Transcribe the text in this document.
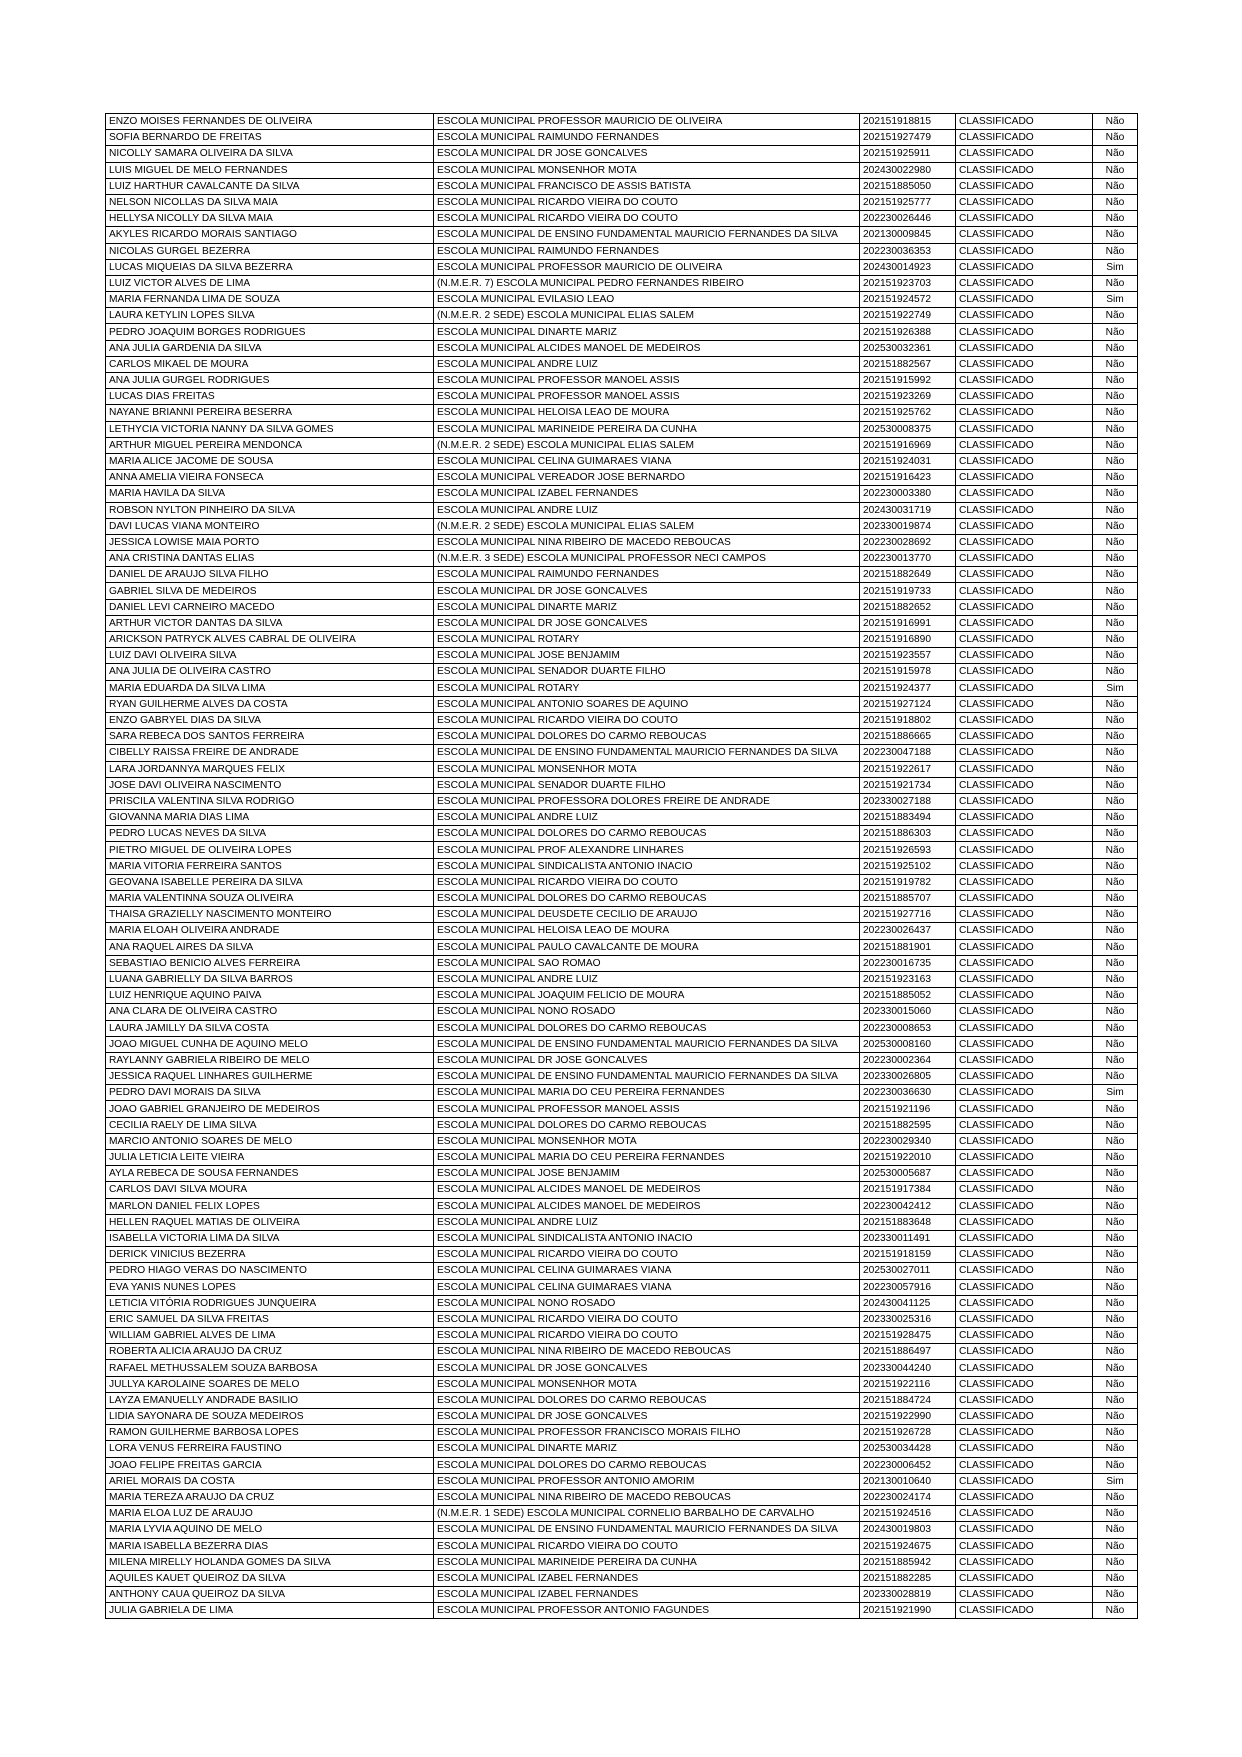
ENZO MOISES FERNANDES DE OLIVEIRA	ESCOLA MUNICIPAL PROFESSOR MAURICIO DE OLIVEIRA	202151918815	CLASSIFICADO	Não
SOFIA BERNARDO DE FREITAS	ESCOLA MUNICIPAL RAIMUNDO FERNANDES	202151927479	CLASSIFICADO	Não
NICOLLY SAMARA OLIVEIRA DA SILVA	ESCOLA MUNICIPAL DR JOSE GONCALVES	202151925911	CLASSIFICADO	Não
LUIS MIGUEL DE MELO FERNANDES	ESCOLA MUNICIPAL MONSENHOR MOTA	202430022980	CLASSIFICADO	Não
LUIZ HARTHUR CAVALCANTE DA SILVA	ESCOLA MUNICIPAL FRANCISCO DE ASSIS BATISTA	202151885050	CLASSIFICADO	Não
NELSON NICOLLAS DA SILVA MAIA	ESCOLA MUNICIPAL RICARDO VIEIRA DO COUTO	202151925777	CLASSIFICADO	Não
HELLYSA NICOLLY DA SILVA MAIA	ESCOLA MUNICIPAL RICARDO VIEIRA DO COUTO	202230026446	CLASSIFICADO	Não
AKYLES RICARDO MORAIS SANTIAGO	ESCOLA MUNICIPAL DE ENSINO FUNDAMENTAL MAURICIO FERNANDES DA SILVA	202130009845	CLASSIFICADO	Não
NICOLAS GURGEL BEZERRA	ESCOLA MUNICIPAL RAIMUNDO FERNANDES	202230036353	CLASSIFICADO	Não
LUCAS MIQUEIAS DA SILVA BEZERRA	ESCOLA MUNICIPAL PROFESSOR MAURICIO DE OLIVEIRA	202430014923	CLASSIFICADO	Sim
LUIZ VICTOR ALVES DE LIMA	(N.M.E.R. 7) ESCOLA MUNICIPAL PEDRO FERNANDES RIBEIRO	202151923703	CLASSIFICADO	Não
MARIA FERNANDA LIMA DE SOUZA	ESCOLA MUNICIPAL EVILASIO LEAO	202151924572	CLASSIFICADO	Sim
LAURA KETYLIN LOPES SILVA	(N.M.E.R. 2 SEDE) ESCOLA MUNICIPAL ELIAS SALEM	202151922749	CLASSIFICADO	Não
PEDRO JOAQUIM BORGES RODRIGUES	ESCOLA MUNICIPAL DINARTE MARIZ	202151926388	CLASSIFICADO	Não
ANA JULIA GARDENIA DA SILVA	ESCOLA MUNICIPAL ALCIDES MANOEL DE MEDEIROS	202530032361	CLASSIFICADO	Não
CARLOS MIKAEL DE MOURA	ESCOLA MUNICIPAL ANDRE LUIZ	202151882567	CLASSIFICADO	Não
ANA JULIA GURGEL RODRIGUES	ESCOLA MUNICIPAL PROFESSOR MANOEL ASSIS	202151915992	CLASSIFICADO	Não
LUCAS DIAS FREITAS	ESCOLA MUNICIPAL PROFESSOR MANOEL ASSIS	202151923269	CLASSIFICADO	Não
NAYANE BRIANNI PEREIRA BESERRA	ESCOLA MUNICIPAL HELOISA LEAO DE MOURA	202151925762	CLASSIFICADO	Não
LETHYCIA VICTORIA NANNY DA SILVA GOMES	ESCOLA MUNICIPAL MARINEIDE PEREIRA DA CUNHA	202530008375	CLASSIFICADO	Não
ARTHUR MIGUEL PEREIRA MENDONCA	(N.M.E.R. 2 SEDE) ESCOLA MUNICIPAL ELIAS SALEM	202151916969	CLASSIFICADO	Não
MARIA ALICE JACOME DE SOUSA	ESCOLA MUNICIPAL CELINA GUIMARAES VIANA	202151924031	CLASSIFICADO	Não
ANNA AMELIA VIEIRA FONSECA	ESCOLA MUNICIPAL VEREADOR JOSE BERNARDO	202151916423	CLASSIFICADO	Não
MARIA HAVILA DA SILVA	ESCOLA MUNICIPAL IZABEL FERNANDES	202230003380	CLASSIFICADO	Não
ROBSON NYLTON PINHEIRO DA SILVA	ESCOLA MUNICIPAL ANDRE LUIZ	202430031719	CLASSIFICADO	Não
DAVI LUCAS VIANA MONTEIRO	(N.M.E.R. 2 SEDE) ESCOLA MUNICIPAL ELIAS SALEM	202330019874	CLASSIFICADO	Não
JESSICA LOWISE MAIA PORTO	ESCOLA MUNICIPAL NINA RIBEIRO DE MACEDO REBOUCAS	202230028692	CLASSIFICADO	Não
ANA CRISTINA DANTAS ELIAS	(N.M.E.R. 3 SEDE) ESCOLA MUNICIPAL PROFESSOR NECI CAMPOS	202230013770	CLASSIFICADO	Não
DANIEL DE ARAUJO SILVA FILHO	ESCOLA MUNICIPAL RAIMUNDO FERNANDES	202151882649	CLASSIFICADO	Não
GABRIEL SILVA DE MEDEIROS	ESCOLA MUNICIPAL DR JOSE GONCALVES	202151919733	CLASSIFICADO	Não
DANIEL LEVI CARNEIRO MACEDO	ESCOLA MUNICIPAL DINARTE MARIZ	202151882652	CLASSIFICADO	Não
ARTHUR VICTOR DANTAS DA SILVA	ESCOLA MUNICIPAL DR JOSE GONCALVES	202151916991	CLASSIFICADO	Não
ARICKSON PATRYCK ALVES CABRAL DE OLIVEIRA	ESCOLA MUNICIPAL ROTARY	202151916890	CLASSIFICADO	Não
LUIZ DAVI OLIVEIRA SILVA	ESCOLA MUNICIPAL JOSE BENJAMIM	202151923557	CLASSIFICADO	Não
ANA JULIA DE OLIVEIRA CASTRO	ESCOLA MUNICIPAL SENADOR DUARTE FILHO	202151915978	CLASSIFICADO	Não
MARIA EDUARDA DA SILVA LIMA	ESCOLA MUNICIPAL ROTARY	202151924377	CLASSIFICADO	Sim
RYAN GUILHERME ALVES DA COSTA	ESCOLA MUNICIPAL ANTONIO SOARES DE AQUINO	202151927124	CLASSIFICADO	Não
ENZO GABRYEL DIAS DA SILVA	ESCOLA MUNICIPAL RICARDO VIEIRA DO COUTO	202151918802	CLASSIFICADO	Não
SARA REBECA DOS SANTOS FERREIRA	ESCOLA MUNICIPAL DOLORES DO CARMO REBOUCAS	202151886665	CLASSIFICADO	Não
CIBELLY RAISSA FREIRE DE ANDRADE	ESCOLA MUNICIPAL DE ENSINO FUNDAMENTAL MAURICIO FERNANDES DA SILVA	202230047188	CLASSIFICADO	Não
LARA JORDANNYA MARQUES FELIX	ESCOLA MUNICIPAL MONSENHOR MOTA	202151922617	CLASSIFICADO	Não
JOSE DAVI OLIVEIRA NASCIMENTO	ESCOLA MUNICIPAL SENADOR DUARTE FILHO	202151921734	CLASSIFICADO	Não
PRISCILA VALENTINA SILVA RODRIGO	ESCOLA MUNICIPAL PROFESSORA DOLORES FREIRE DE ANDRADE	202330027188	CLASSIFICADO	Não
GIOVANNA MARIA DIAS LIMA	ESCOLA MUNICIPAL ANDRE LUIZ	202151883494	CLASSIFICADO	Não
PEDRO LUCAS NEVES DA SILVA	ESCOLA MUNICIPAL DOLORES DO CARMO REBOUCAS	202151886303	CLASSIFICADO	Não
PIETRO MIGUEL DE OLIVEIRA LOPES	ESCOLA MUNICIPAL PROF ALEXANDRE LINHARES	202151926593	CLASSIFICADO	Não
MARIA VITORIA FERREIRA SANTOS	ESCOLA MUNICIPAL SINDICALISTA ANTONIO INACIO	202151925102	CLASSIFICADO	Não
GEOVANA ISABELLE PEREIRA DA SILVA	ESCOLA MUNICIPAL RICARDO VIEIRA DO COUTO	202151919782	CLASSIFICADO	Não
MARIA VALENTINNA SOUZA OLIVEIRA	ESCOLA MUNICIPAL DOLORES DO CARMO REBOUCAS	202151885707	CLASSIFICADO	Não
THAISA GRAZIELLY NASCIMENTO MONTEIRO	ESCOLA MUNICIPAL DEUSDETE CECILIO DE ARAUJO	202151927716	CLASSIFICADO	Não
MARIA ELOAH OLIVEIRA ANDRADE	ESCOLA MUNICIPAL HELOISA LEAO DE MOURA	202230026437	CLASSIFICADO	Não
ANA RAQUEL AIRES DA SILVA	ESCOLA MUNICIPAL PAULO CAVALCANTE DE MOURA	202151881901	CLASSIFICADO	Não
SEBASTIAO BENICIO ALVES FERREIRA	ESCOLA MUNICIPAL SAO ROMAO	202230016735	CLASSIFICADO	Não
LUANA GABRIELLY DA SILVA BARROS	ESCOLA MUNICIPAL ANDRE LUIZ	202151923163	CLASSIFICADO	Não
LUIZ HENRIQUE AQUINO PAIVA	ESCOLA MUNICIPAL JOAQUIM FELICIO DE MOURA	202151885052	CLASSIFICADO	Não
ANA CLARA DE OLIVEIRA CASTRO	ESCOLA MUNICIPAL NONO ROSADO	202330015060	CLASSIFICADO	Não
LAURA JAMILLY DA SILVA COSTA	ESCOLA MUNICIPAL DOLORES DO CARMO REBOUCAS	202230008653	CLASSIFICADO	Não
JOAO MIGUEL CUNHA DE AQUINO MELO	ESCOLA MUNICIPAL DE ENSINO FUNDAMENTAL MAURICIO FERNANDES DA SILVA	202530008160	CLASSIFICADO	Não
RAYLANNY GABRIELA RIBEIRO DE MELO	ESCOLA MUNICIPAL DR JOSE GONCALVES	202230002364	CLASSIFICADO	Não
JESSICA RAQUEL LINHARES GUILHERME	ESCOLA MUNICIPAL DE ENSINO FUNDAMENTAL MAURICIO FERNANDES DA SILVA	202330026805	CLASSIFICADO	Não
PEDRO DAVI MORAIS DA SILVA	ESCOLA MUNICIPAL MARIA DO CEU PEREIRA FERNANDES	202230036630	CLASSIFICADO	Sim
JOAO GABRIEL GRANJEIRO DE MEDEIROS	ESCOLA MUNICIPAL PROFESSOR MANOEL ASSIS	202151921196	CLASSIFICADO	Não
CECILIA RAELY DE LIMA SILVA	ESCOLA MUNICIPAL DOLORES DO CARMO REBOUCAS	202151882595	CLASSIFICADO	Não
MARCIO ANTONIO SOARES DE MELO	ESCOLA MUNICIPAL MONSENHOR MOTA	202230029340	CLASSIFICADO	Não
JULIA LETICIA LEITE VIEIRA	ESCOLA MUNICIPAL MARIA DO CEU PEREIRA FERNANDES	202151922010	CLASSIFICADO	Não
AYLA REBECA DE SOUSA FERNANDES	ESCOLA MUNICIPAL JOSE BENJAMIM	202530005687	CLASSIFICADO	Não
CARLOS DAVI SILVA MOURA	ESCOLA MUNICIPAL ALCIDES MANOEL DE MEDEIROS	202151917384	CLASSIFICADO	Não
MARLON DANIEL FELIX LOPES	ESCOLA MUNICIPAL ALCIDES MANOEL DE MEDEIROS	202230042412	CLASSIFICADO	Não
HELLEN RAQUEL MATIAS DE OLIVEIRA	ESCOLA MUNICIPAL ANDRE LUIZ	202151883648	CLASSIFICADO	Não
ISABELLA VICTORIA LIMA DA SILVA	ESCOLA MUNICIPAL SINDICALISTA ANTONIO INACIO	202330011491	CLASSIFICADO	Não
DERICK VINICIUS BEZERRA	ESCOLA MUNICIPAL RICARDO VIEIRA DO COUTO	202151918159	CLASSIFICADO	Não
PEDRO HIAGO VERAS DO NASCIMENTO	ESCOLA MUNICIPAL CELINA GUIMARAES VIANA	202530027011	CLASSIFICADO	Não
EVA YANIS NUNES LOPES	ESCOLA MUNICIPAL CELINA GUIMARAES VIANA	202230057916	CLASSIFICADO	Não
LETICIA VITÓRIA RODRIGUES JUNQUEIRA	ESCOLA MUNICIPAL NONO ROSADO	202430041125	CLASSIFICADO	Não
ERIC SAMUEL DA SILVA FREITAS	ESCOLA MUNICIPAL RICARDO VIEIRA DO COUTO	202330025316	CLASSIFICADO	Não
WILLIAM GABRIEL ALVES DE LIMA	ESCOLA MUNICIPAL RICARDO VIEIRA DO COUTO	202151928475	CLASSIFICADO	Não
ROBERTA ALICIA ARAUJO DA CRUZ	ESCOLA MUNICIPAL NINA RIBEIRO DE MACEDO REBOUCAS	202151886497	CLASSIFICADO	Não
RAFAEL METHUSSALEM SOUZA BARBOSA	ESCOLA MUNICIPAL DR JOSE GONCALVES	202330044240	CLASSIFICADO	Não
JULLYA KAROLAINE SOARES DE MELO	ESCOLA MUNICIPAL MONSENHOR MOTA	202151922116	CLASSIFICADO	Não
LAYZA EMANUELLY ANDRADE BASILIO	ESCOLA MUNICIPAL DOLORES DO CARMO REBOUCAS	202151884724	CLASSIFICADO	Não
LIDIA SAYONARA DE SOUZA MEDEIROS	ESCOLA MUNICIPAL DR JOSE GONCALVES	202151922990	CLASSIFICADO	Não
RAMON GUILHERME BARBOSA LOPES	ESCOLA MUNICIPAL PROFESSOR FRANCISCO MORAIS FILHO	202151926728	CLASSIFICADO	Não
LORA VENUS FERREIRA FAUSTINO	ESCOLA MUNICIPAL DINARTE MARIZ	202530034428	CLASSIFICADO	Não
JOAO FELIPE FREITAS GARCIA	ESCOLA MUNICIPAL DOLORES DO CARMO REBOUCAS	202230006452	CLASSIFICADO	Não
ARIEL MORAIS DA COSTA	ESCOLA MUNICIPAL PROFESSOR ANTONIO AMORIM	202130010640	CLASSIFICADO	Sim
MARIA TEREZA ARAUJO DA CRUZ	ESCOLA MUNICIPAL NINA RIBEIRO DE MACEDO REBOUCAS	202230024174	CLASSIFICADO	Não
MARIA ELOA LUZ DE ARAUJO	(N.M.E.R. 1 SEDE) ESCOLA MUNICIPAL CORNELIO BARBALHO DE CARVALHO	202151924516	CLASSIFICADO	Não
MARIA LYVIA AQUINO DE MELO	ESCOLA MUNICIPAL DE ENSINO FUNDAMENTAL MAURICIO FERNANDES DA SILVA	202430019803	CLASSIFICADO	Não
MARIA ISABELLA BEZERRA DIAS	ESCOLA MUNICIPAL RICARDO VIEIRA DO COUTO	202151924675	CLASSIFICADO	Não
MILENA MIRELLY HOLANDA GOMES DA SILVA	ESCOLA MUNICIPAL MARINEIDE PEREIRA DA CUNHA	202151885942	CLASSIFICADO	Não
AQUILES KAUET QUEIROZ DA SILVA	ESCOLA MUNICIPAL IZABEL FERNANDES	202151882285	CLASSIFICADO	Não
ANTHONY CAUA QUEIROZ DA SILVA	ESCOLA MUNICIPAL IZABEL FERNANDES	202330028819	CLASSIFICADO	Não
JULIA GABRIELA DE LIMA	ESCOLA MUNICIPAL PROFESSOR ANTONIO FAGUNDES	202151921990	CLASSIFICADO	Não
